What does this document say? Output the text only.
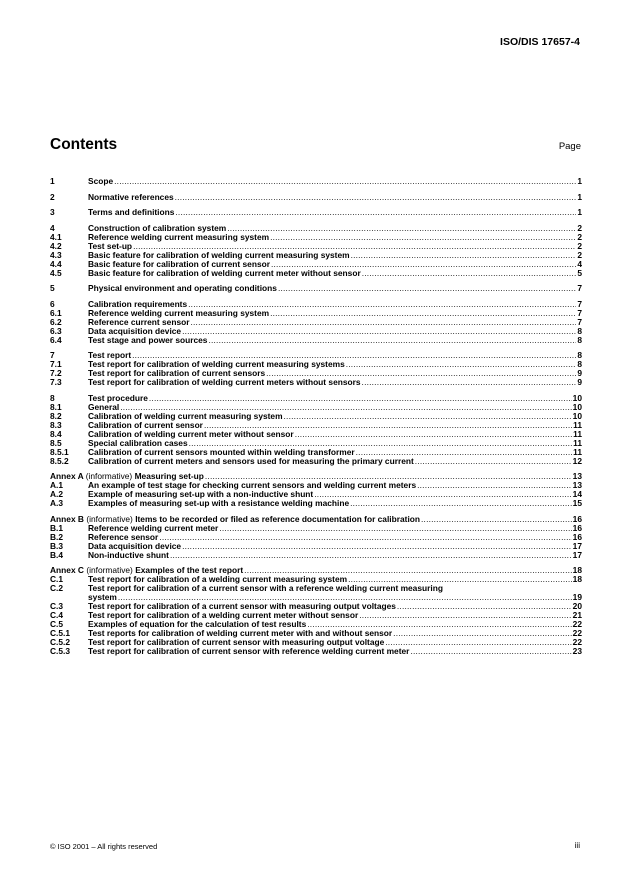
ISO/DIS 17657-4
Contents	Page
1	Scope .....	1
2	Normative references .....	1
3	Terms and definitions .....	1
4	Construction of calibration system .....	2
4.1	Reference welding current measuring system .....	2
4.2	Test set-up .....	2
4.3	Basic feature for calibration of welding current measuring system .....	2
4.4	Basic feature for calibration of current sensor .....	4
4.5	Basic feature for calibration of welding current meter without sensor .....	5
5	Physical environment and operating conditions .....	7
6	Calibration requirements .....	7
6.1	Reference welding current measuring system .....	7
6.2	Reference current sensor .....	7
6.3	Data acquisition device .....	8
6.4	Test stage and power sources .....	8
7	Test report .....	8
7.1	Test report for calibration of welding current measuring systems .....	8
7.2	Test report for calibration of current sensors .....	9
7.3	Test report for calibration of welding current meters without sensors .....	9
8	Test procedure .....	10
8.1	General .....	10
8.2	Calibration of welding current measuring system .....	10
8.3	Calibration of current sensor .....	11
8.4	Calibration of welding current meter without sensor .....	11
8.5	Special calibration cases .....	11
8.5.1	Calibration of current sensors mounted within welding transformer .....	11
8.5.2	Calibration of current meters and sensors used for measuring the primary current .....	12
Annex A (informative) Measuring set-up .....	13
A.1	An example of test stage for checking current sensors and welding current meters .....	13
A.2	Example of measuring set-up with a non-inductive shunt .....	14
A.3	Examples of measuring set-up with a resistance welding machine .....	15
Annex B (informative) Items to be recorded or filed as reference documentation for calibration .....	16
B.1	Reference welding current meter .....	16
B.2	Reference sensor .....	16
B.3	Data acquisition device .....	17
B.4	Non-inductive shunt .....	17
Annex C (informative) Examples of the test report .....	18
C.1	Test report for calibration of a welding current measuring system .....	18
C.2	Test report for calibration of a current sensor with a reference welding current measuring
system .....	19
C.3	Test report for calibration of a current sensor with measuring output voltages .....	20
C.4	Test report for calibration of a welding current meter without sensor .....	21
C.5	Examples of equation for the calculation of test results .....	22
C.5.1	Test reports for calibration of welding current meter with and without sensor .....	22
C.5.2	Test report for calibration of current sensor with measuring output voltage .....	22
C.5.3	Test report for calibration of current sensor with reference welding current meter .....	23
© ISO 2001 – All rights reserved	iii
